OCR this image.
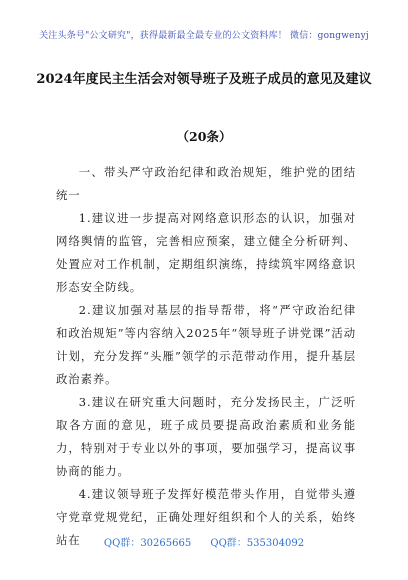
关注头条号"公文研究"，获得最新最全最专业的公文资料库！ 微信：gongwenyj
2024年度民主生活会对领导班子及班子成员的意见及建议
（20条）

一、带头严守政治纪律和政治规矩，维护党的团结统一

1.建议进一步提高对网络意识形态的认识，加强对网络舆情的监管，完善相应预案，建立健全分析研判、处置应对工作机制，定期组织演练，持续筑牢网络意识形态安全防线。

2.建议加强对基层的指导帮带，将“严守政治纪律和政治规矩”等内容纳入2025年“领导班子讲党课”活动计划，充分发挥“头雁”领学的示范带动作用，提升基层政治素养。

3.建议在研究重大问题时，充分发扬民主，广泛听取各方面的意见，班子成员要提高政治素质和业务能力，特别对于专业以外的事项，要加强学习，提高议事协商的能力。

4.建议领导班子发挥好模范带头作用，自觉带头遵守党章党规党纪，正确处理好组织和个人的关系，始终站在	QQ群：30265665 QQ群：535304092
